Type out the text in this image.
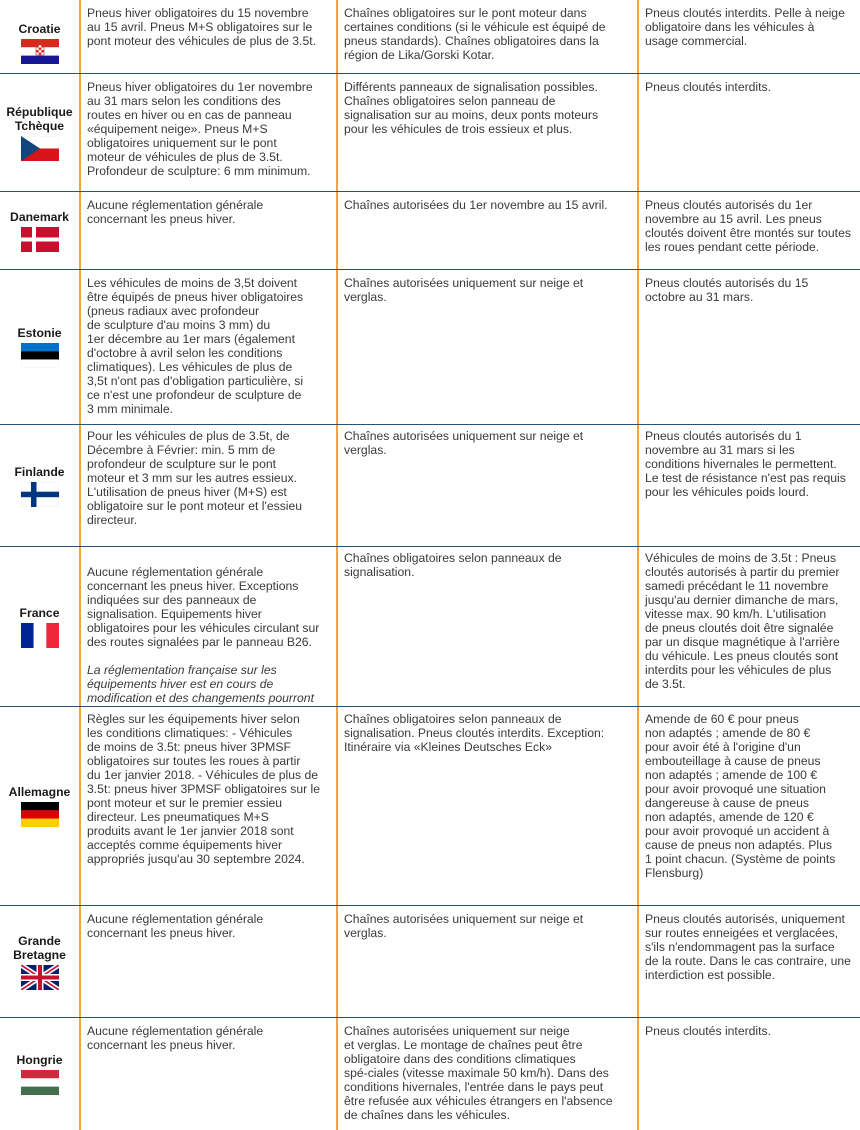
Croatie
Pneus hiver obligatoires du 15 novembre
au 15 avril. Pneus M+S obligatoires sur le
pont moteur des véhicules de plus de 3.5t.
Chaînes obligatoires sur le pont moteur dans
certaines conditions (si le véhicule est équipé de
pneus standards). Chaînes obligatoires dans la
région de Lika/Gorski Kotar.
Pneus cloutés interdits. Pelle à neige
obligatoire dans les véhicules à
usage commercial.
République
Tchèque
Pneus hiver obligatoires du 1er novembre
au 31 mars selon les conditions des
routes en hiver ou en cas de panneau
«équipement neige». Pneus M+S
obligatoires uniquement sur le pont
moteur de véhicules de plus de 3.5t.
Profondeur de sculpture: 6 mm minimum.
Différents panneaux de signalisation possibles.
Chaînes obligatoires selon panneau de
signalisation sur au moins, deux ponts moteurs
pour les véhicules de trois essieux et plus.
Pneus cloutés interdits.
Danemark
Aucune réglementation générale
concernant les pneus hiver.
Chaînes autorisées du 1er novembre au 15 avril.	Pneus cloutés autorisés du 1er
novembre au 15 avril. Les pneus
cloutés doivent être montés sur toutes
les roues pendant cette période.
Estonie
Les véhicules de moins de 3,5t doivent
être équipés de pneus hiver obligatoires
(pneus radiaux avec profondeur
de sculpture d'au moins 3 mm) du
1er décembre au 1er mars (également
d'octobre à avril selon les conditions
climatiques). Les véhicules de plus de
3,5t n'ont pas d'obligation particulière, si
ce n'est une profondeur de sculpture de
3 mm minimale.
Chaînes autorisées uniquement sur neige et
verglas.
Pneus cloutés autorisés du 15
octobre au 31 mars.
Finlande
Pour les véhicules de plus de 3.5t, de
Décembre à Février: min. 5 mm de
profondeur de sculpture sur le pont
moteur et 3 mm sur les autres essieux.
L'utilisation de pneus hiver (M+S) est
obligatoire sur le pont moteur et l'essieu
directeur.
Chaînes autorisées uniquement sur neige et
verglas.
Pneus cloutés autorisés du 1
novembre au 31 mars si les
conditions hivernales le permettent.
Le test de résistance n'est pas requis
pour les véhicules poids lourd.
France

Aucune réglementation générale
concernant les pneus hiver. Exceptions
indiquées sur des panneaux de
signalisation. Equipements hiver
obligatoires pour les véhicules circulant sur
des routes signalées par le panneau B26.

La réglementation française sur les
équipements hiver est en cours de
modification et des changements pourront

Chaînes obligatoires selon panneaux de
signalisation.
Véhicules de moins de 3.5t : Pneus
cloutés autorisés à partir du premier
samedi précédant le 11 novembre
jusqu'au dernier dimanche de mars,
vitesse max. 90 km/h. L'utilisation
de pneus cloutés doit être signalée
par un disque magnétique à l'arrière
du véhicule. Les pneus cloutés sont
interdits pour les véhicules de plus
de 3.5t.
Allemagne
Règles sur les équipements hiver selon
les conditions climatiques: - Véhicules
de moins de 3.5t: pneus hiver 3PMSF
obligatoires sur toutes les roues à partir
du 1er janvier 2018. - Véhicules de plus de
3.5t: pneus hiver 3PMSF obligatoires sur le
pont moteur et sur le premier essieu
directeur. Les pneumatiques M+S
produits avant le 1er janvier 2018 sont
acceptés comme équipements hiver
appropriés jusqu'au 30 septembre 2024.
Chaînes obligatoires selon panneaux de
signalisation. Pneus cloutés interdits. Exception:
Itinéraire via «Kleines Deutsches Eck»
Amende de 60 € pour pneus
non adaptés ; amende de 80 €
pour avoir été à l'origine d'un
embouteillage à cause de pneus
non adaptés ; amende de 100 €
pour avoir provoqué une situation
dangereuse à cause de pneus
non adaptés, amende de 120 €
pour avoir provoqué un accident à
cause de pneus non adaptés. Plus
1 point chacun. (Système de points
Flensburg)
Grande
Bretagne
Aucune réglementation générale
concernant les pneus hiver.
Chaînes autorisées uniquement sur neige et
verglas.
Pneus cloutés autorisés, uniquement
sur routes enneigées et verglacées,
s'ils n'endommagent pas la surface
de la route. Dans le cas contraire, une
interdiction est possible.
Hongrie
Aucune réglementation générale
concernant les pneus hiver.
Chaînes autorisées uniquement sur neige
et verglas. Le montage de chaînes peut être
obligatoire dans des conditions climatiques
spé-ciales (vitesse maximale 50 km/h). Dans des
conditions hivernales, l'entrée dans le pays peut
être refusée aux véhicules étrangers en l'absence
de chaînes dans les véhicules.
Pneus cloutés interdits.
